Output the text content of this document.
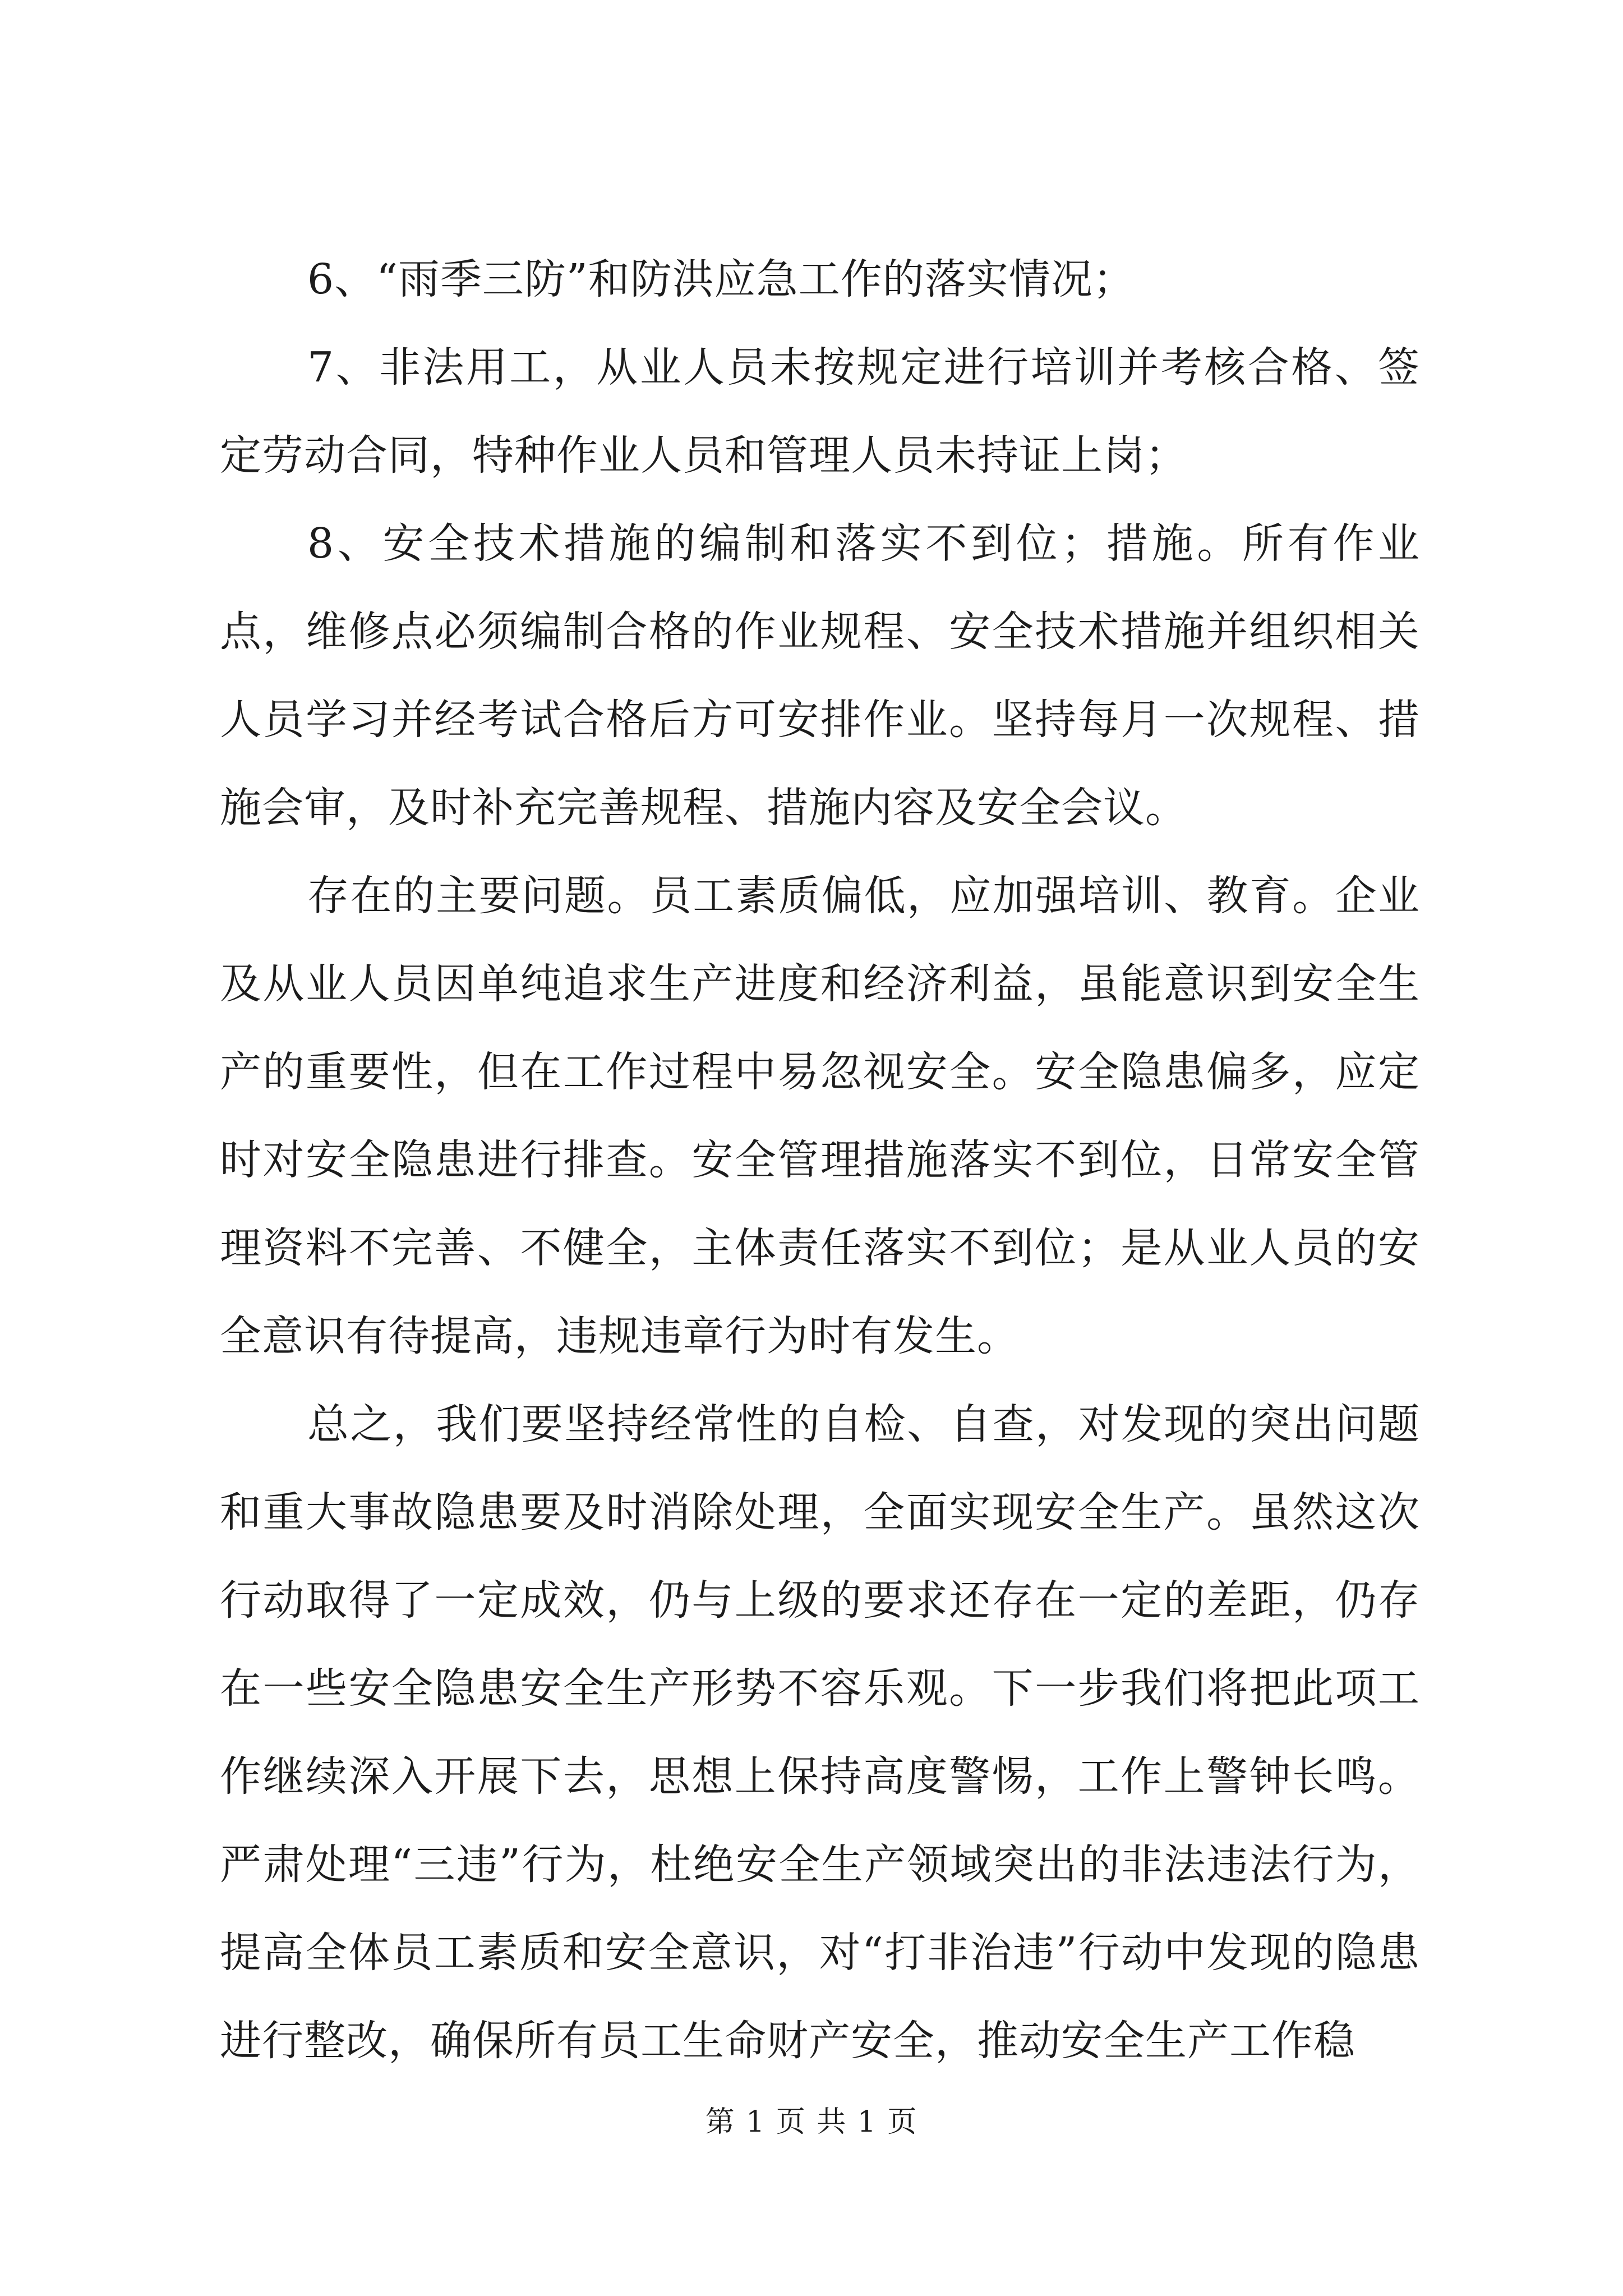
6、“雨季三防”和防洪应急工作的落实情况；

7、非法用工，从业人员未按规定进行培训并考核合格、签定劳动合同，特种作业人员和管理人员未持证上岗；

8、安全技术措施的编制和落实不到位；措施。所有作业点，维修点必须编制合格的作业规程、安全技术措施并组织相关人员学习并经考试合格后方可安排作业。坚持每月一次规程、措施会审，及时补充完善规程、措施内容及安全会议。

存在的主要问题。员工素质偏低，应加强培训、教育。企业及从业人员因单纯追求生产进度和经济利益，虽能意识到安全生产的重要性，但在工作过程中易忽视安全。安全隐患偏多，应定时对安全隐患进行排查。安全管理措施落实不到位，日常安全管理资料不完善、不健全，主体责任落实不到位；是从业人员的安全意识有待提高，违规违章行为时有发生。

总之，我们要坚持经常性的自检、自查，对发现的突出问题和重大事故隐患要及时消除处理，全面实现安全生产。虽然这次行动取得了一定成效，仍与上级的要求还存在一定的差距，仍存在一些安全隐患安全生产形势不容乐观。下一步我们将把此项工作继续深入开展下去，思想上保持高度警惕，工作上警钟长鸣。严肃处理“三违”行为，杜绝安全生产领域突出的非法违法行为，提高全体员工素质和安全意识，对“打非治违”行动中发现的隐患进行整改，确保所有员工生命财产安全，推动安全生产工作稳

第 1 页 共 1 页
